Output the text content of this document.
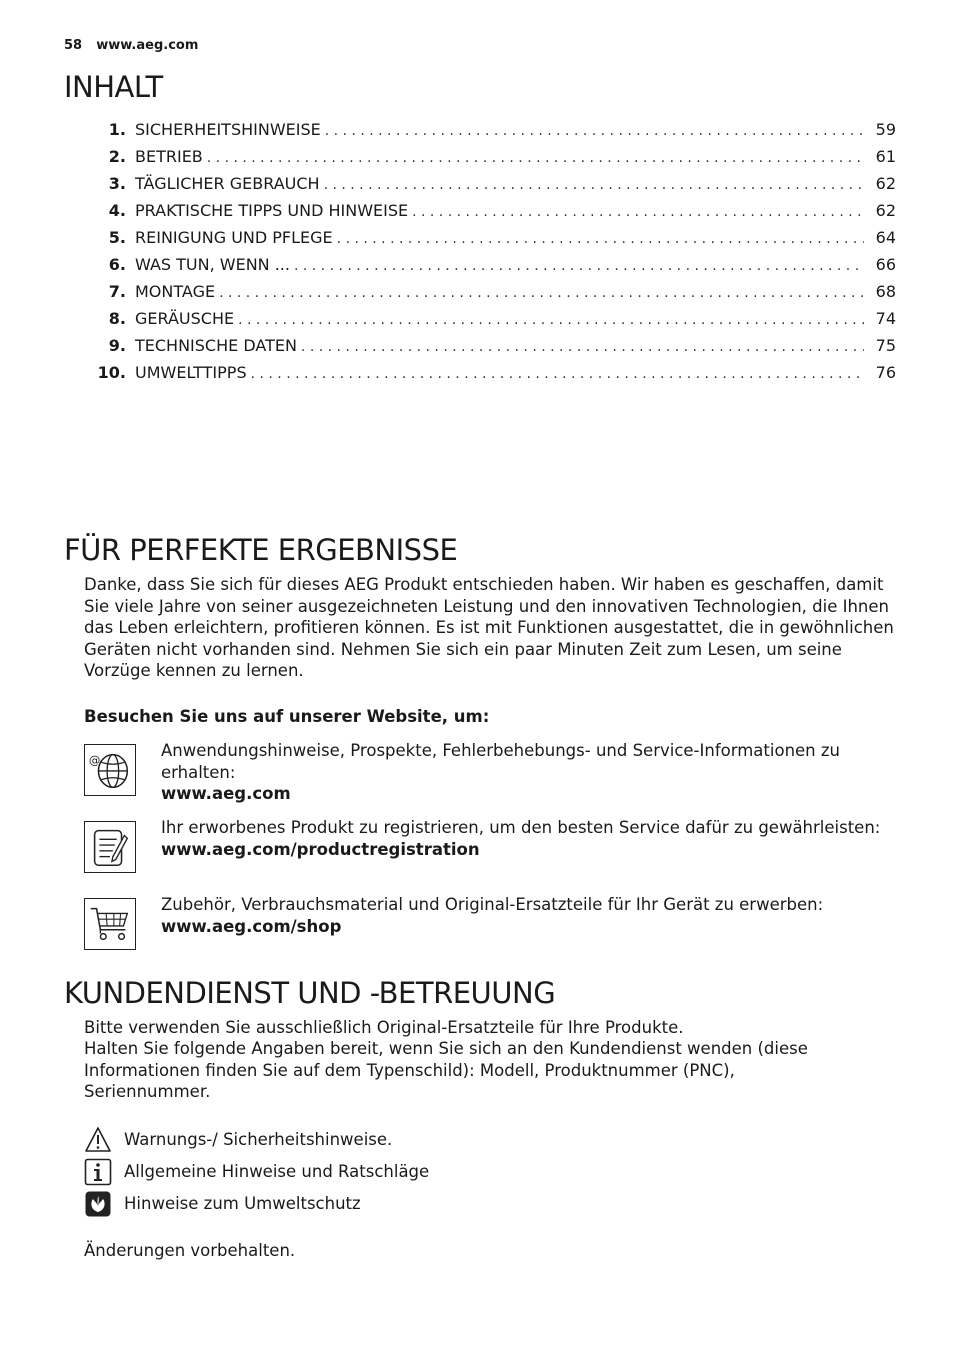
58 www.aeg.com
INHALT
1. SICHERHEITSHINWEISE . . .	59
2. BETRIEB . . .	61
3. TÄGLICHER GEBRAUCH . . .	62
4. PRAKTISCHE TIPPS UND HINWEISE . . .	62
5. REINIGUNG UND PFLEGE . . .	64
6. WAS TUN, WENN ... . . .	66
7. MONTAGE . . .	68
8. GERÄUSCHE . . .	74
9. TECHNISCHE DATEN . . .	75
10. UMWELTTIPPS . . .	76
FÜR PERFEKTE ERGEBNISSE
Danke, dass Sie sich für dieses AEG Produkt entschieden haben. Wir haben es geschaffen, damit Sie viele Jahre von seiner ausgezeichneten Leistung und den innovativen Technologien, die Ihnen das Leben erleichtern, profitieren können. Es ist mit Funktionen ausgestattet, die in gewöhnlichen Geräten nicht vorhanden sind. Nehmen Sie sich ein paar Minuten Zeit zum Lesen, um seine Vorzüge kennen zu lernen.
Besuchen Sie uns auf unserer Website, um:
@
Anwendungshinweise, Prospekte, Fehlerbehebungs- und Service-Informationen zu erhalten:
www.aeg.com
Ihr erworbenes Produkt zu registrieren, um den besten Service dafür zu gewährleisten:
www.aeg.com/productregistration
Zubehör, Verbrauchsmaterial und Original-Ersatzteile für Ihr Gerät zu erwerben:
www.aeg.com/shop
KUNDENDIENST UND -BETREUUNG
Bitte verwenden Sie ausschließlich Original-Ersatzteile für Ihre Produkte.
Halten Sie folgende Angaben bereit, wenn Sie sich an den Kundendienst wenden (diese Informationen finden Sie auf dem Typenschild): Modell, Produktnummer (PNC), Seriennummer.
Warnungs-/ Sicherheitshinweise.
Allgemeine Hinweise und Ratschläge
Hinweise zum Umweltschutz
Änderungen vorbehalten.
